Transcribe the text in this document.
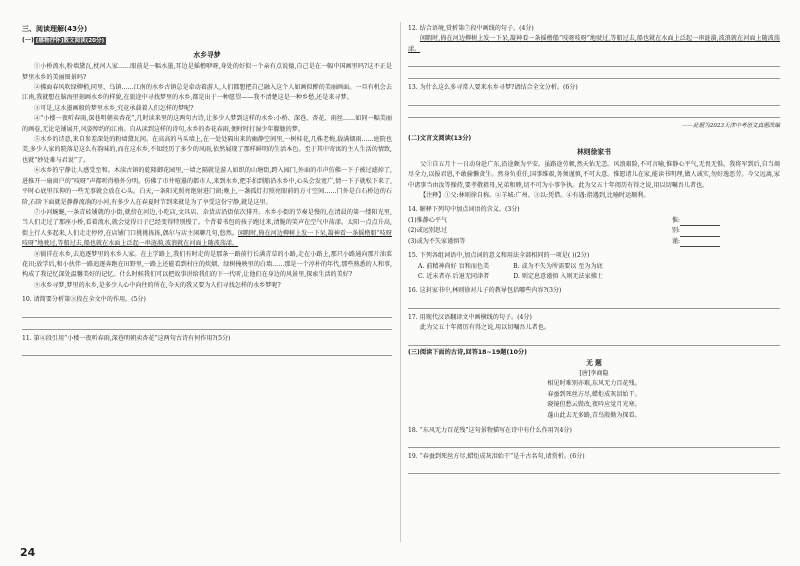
三、阅读理解(43分)
(一) [感物抒怀]散文阅读(20分)
水乡寻梦

①小桥流水,粉墙黛瓦,枕河人家……眼前是一幅水墨,耳边是摇橹咿呀,身处的好似一个亲有点说德,自己是在一幅中国画里吗?这不正是梦里水乡的美丽图景吗?

②拂面春风吹绿柳梢,同里、乌镇……江南的水乡古镇总是牵动着游人,人们都想把自己融入这个人如画似醉的美丽画面。一旦有机会去江南,我就想在脑海里刻画水乡的样貌,在旅途中寻找梦里的水乡,都是出于一种愿望——我不清楚这是一种乡愁,还是来寻梦。

③可是,这水墨画般的梦里水乡,究竟承载着人们怎样的梦呢?

④“小楼一夜听春雨,深巷明朝卖杏花”,几时读来里的这两句古诗,让多少人梦到这样的水乡:小桥、深巷、杏花、雨丝……如同一幅美丽的画卷,无论是铺展开,风姿绰约的江南。自从读到这样的诗句,水乡的杏花春雨,便时时打湿少年朦胧的梦。

⑤水乡的诗意,来自参差深处的粉墙黛瓦间。在高高的马头墙上,在一处处隔出来的幽静空间里,一树桂花,几株老梅,载满烟雨……庭院也美,多少人家的院落是这么有韵味的,而在这水乡,不知经历了多少的风雨,依然展现了那样鲜明的生活本色。至于其中寄寓的主人生活的情致,也就“妙处难与君说”了。

⑥水乡的宁静让人感受至和。木渎古镇的乾隆御花园里,一墙之隔就是游人如织的山塘街,跨入园门,外面的市声仿佛一下子被过滤掉了,进推开一扇窗户的“吱呀”声都听得格外分明。仿佛了市井喧嚣的都市人,来到水乡,把手拍到船沿水乡中,心头会发宽广,情一下子就松下来了,平时心底里压抑的一些无事就会放在心头。白天,一条阳光照亮绝射进门窗;晚上,一盏孤灯打照亮眼前的方寸空间……门外是白石桥边的石阶,石阶下面就是静静流淌的小河,有多少人在春夏时节到来就是为了享受这份宁静,就是这里。

⑦小河蜿蜒,一条青砖铺就的小街,就傍在河边,小吃店,文具店、杂货店沿街依次排开。水乡小街的节奏是慢的,在清晨的第一缕阳光里,当人们走过了那座小桥,看着流水,就会觉得日子已经变得特别慢了。个背着书包的孩子跑过来,清脆的笑声在空气中荡漾。太阳一点点升高,街上行人多起来,人们走走停停,在店铺门口挑挑拣拣,偶尔与店主闲聊几句,悠然。闲暇时,倚在河边柳树上发一下呆,凝神看一条摇橹船“吱呀吱呀”地驶过,等船过去,船也就在水面上泛起一串涟漪,波浪就在河面上随波荡漾。

⑧徜徉在水乡,去追逐梦里的水乡人家。在上学路上,我们有时走的是那条一路前行长满青草的小路,走在小路上,那只小路通向那片油菜花田;放学后,和小伙伴一路追逐奔跑在田野里,一路上还能看到村庄的炊烟、绿树掩映里的白墙……那是一个淳朴的年代,那些熟悉的人和事,构成了我记忆深处温馨美好的记忆。什么时候我们可以把故事讲给我们的下一代听,让他们在身边的风景里,探索生活的美好?

⑨水乡寻梦,梦里的水乡,是多少人心中向往的所在,今天的我又要为人们寻找怎样的水乡梦呢?

10. 请简要分析第③段在全文中的作用。(5分)
11. 第④段引用“小楼一夜听春雨,深巷明朝卖杏花”这两句古诗有何作用?(5分)
12. 结合语境,赏析第⑦段中画线的句子。(4分)

闲暇时,倚在河边柳树上发一下呆,凝神看一条摇橹船“吱呀吱呀”地驶过,等船过去,船也就在水面上泛起一串涟漪,波浪就在河面上随波荡漾。

13. 为什么这么多寻常人要来水乡寻梦?请结合全文分析。(6分)
——此题为2023天津中考语文真题改编
(二)文言文阅读(13分)
林则徐家书

父①自五月十一日动身赴广东,沿途颇为平安。虽路途劳顿,然天佑无恙。风浪艰险,不可言喻,惟静心平气,无畏无惧。我将军到后,自当竭尽全力,以报君恩,不敢偷懒贪生。然身负重任,国事维艰,务须谨慎,不可大意。惟愿诸儿在家,能读书明理,做人诚实,勿好逸恶劳。今父远离,家中诸事当由汝等操持,要孝敬祖母,兄弟和睦,切不可为小事争执。此为父五十年阅历有得之说,用以切嘱吾儿者也。

【注释】①父:林则徐自称。②羊城:广州。③以:凭借。④有遇:指遇到,比喻时运顺利。

14. 解释下列句中加点词语的含义。(3分)
(1)惟静心平气	惟:
(2)或远别思过	别:
(3)或为不失家谨慎等	谨:
15. 下列各组词语中,加点词的意义和用法全部相同的一项是( )(2分)
A. 前精神尚好 盲和而色美	B. 或为不失为所需要以 至为为底
C. 近未者亦 后退无同津者	D. 则定息意谨慎 入则无法家拂士
16. 这封家书中,林则徐对儿子的教导包括哪些内容?(3分)
17. 用现代汉语翻译文中画横线的句子。(4分)

此为父五十年阅历有得之说,用以切嘱吾儿者也。

(三)阅读下面的古诗,回答18~19题(10分)
无 题
[唐]李商隐
相见时难别亦难,东风无力百花残。
春蚕到死丝方尽,蜡炬成灰泪始干。
晓镜但愁云鬓改,夜吟应觉月光寒。
蓬山此去无多路,青鸟殷勤为探看。
18. “东风无力百花残”这句景物描写在诗中有什么作用?(4分)
19. “春蚕到死丝方尽,蜡炬成灰泪始干”是千古名句,请赏析。(6分)
24
